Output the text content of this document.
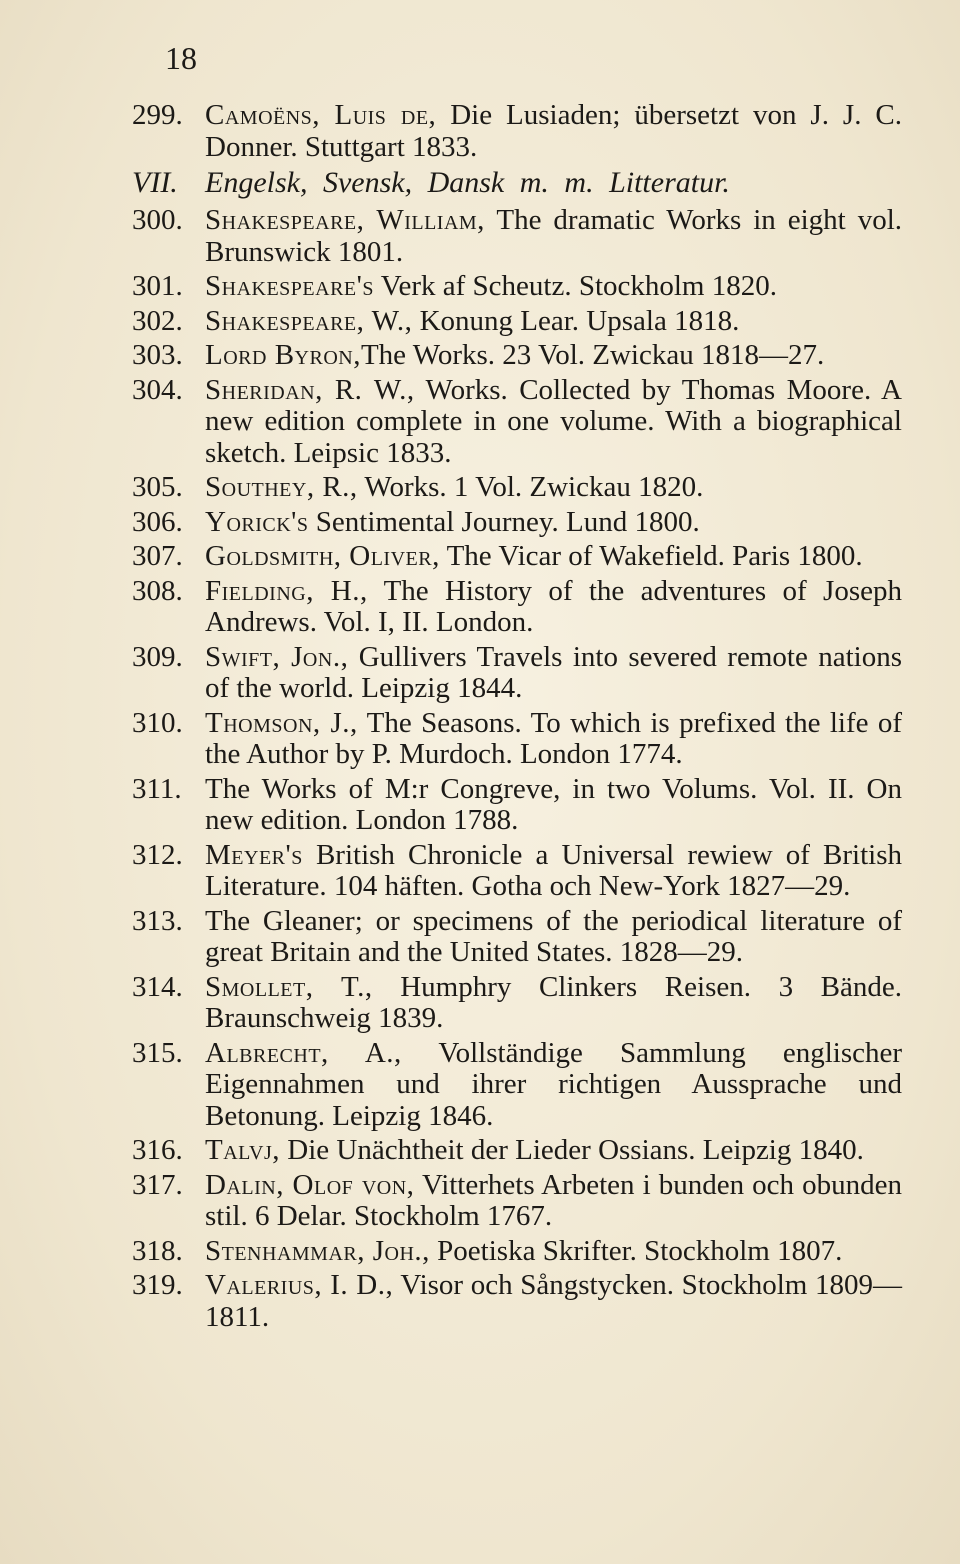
18
299. Camoëns, Luis de, Die Lusiaden; übersetzt von J. J. C. Donner. Stuttgart 1833.
VII. Engelsk, Svensk, Dansk m. m. Litteratur.
300. Shakespeare, William, The dramatic Works in eight vol. Brunswick 1801.
301. Shakespeare's Verk af Scheutz. Stockholm 1820.
302. Shakespeare, W., Konung Lear. Upsala 1818.
303. Lord Byron,The Works. 23 Vol. Zwickau 1818—27.
304. Sheridan, R. W., Works. Collected by Thomas Moore. A new edition complete in one volume. With a biographical sketch. Leipsic 1833.
305. Southey, R., Works. 1 Vol. Zwickau 1820.
306. Yorick's Sentimental Journey. Lund 1800.
307. Goldsmith, Oliver, The Vicar of Wakefield. Paris 1800.
308. Fielding, H., The History of the adventures of Joseph Andrews. Vol. I, II. London.
309. Swift, Jon., Gullivers Travels into severed remote nations of the world. Leipzig 1844.
310. Thomson, J., The Seasons. To which is prefixed the life of the Author by P. Murdoch. London 1774.
311. The Works of M:r Congreve, in two Volums. Vol. II. On new edition. London 1788.
312. Meyer's British Chronicle a Universal rewiew of British Literature. 104 häften. Gotha och New-York 1827—29.
313. The Gleaner; or specimens of the periodical literature of great Britain and the United States. 1828—29.
314. Smollet, T., Humphry Clinkers Reisen. 3 Bände. Braunschweig 1839.
315. Albrecht, A., Vollständige Sammlung englischer Eigennahmen und ihrer richtigen Aussprache und Betonung. Leipzig 1846.
316. Talvj, Die Unächtheit der Lieder Ossians. Leipzig 1840.
317. Dalin, Olof von, Vitterhets Arbeten i bunden och obunden stil. 6 Delar. Stockholm 1767.
318. Stenhammar, Joh., Poetiska Skrifter. Stockholm 1807.
319. Valerius, I. D., Visor och Sångstycken. Stockholm 1809—1811.
